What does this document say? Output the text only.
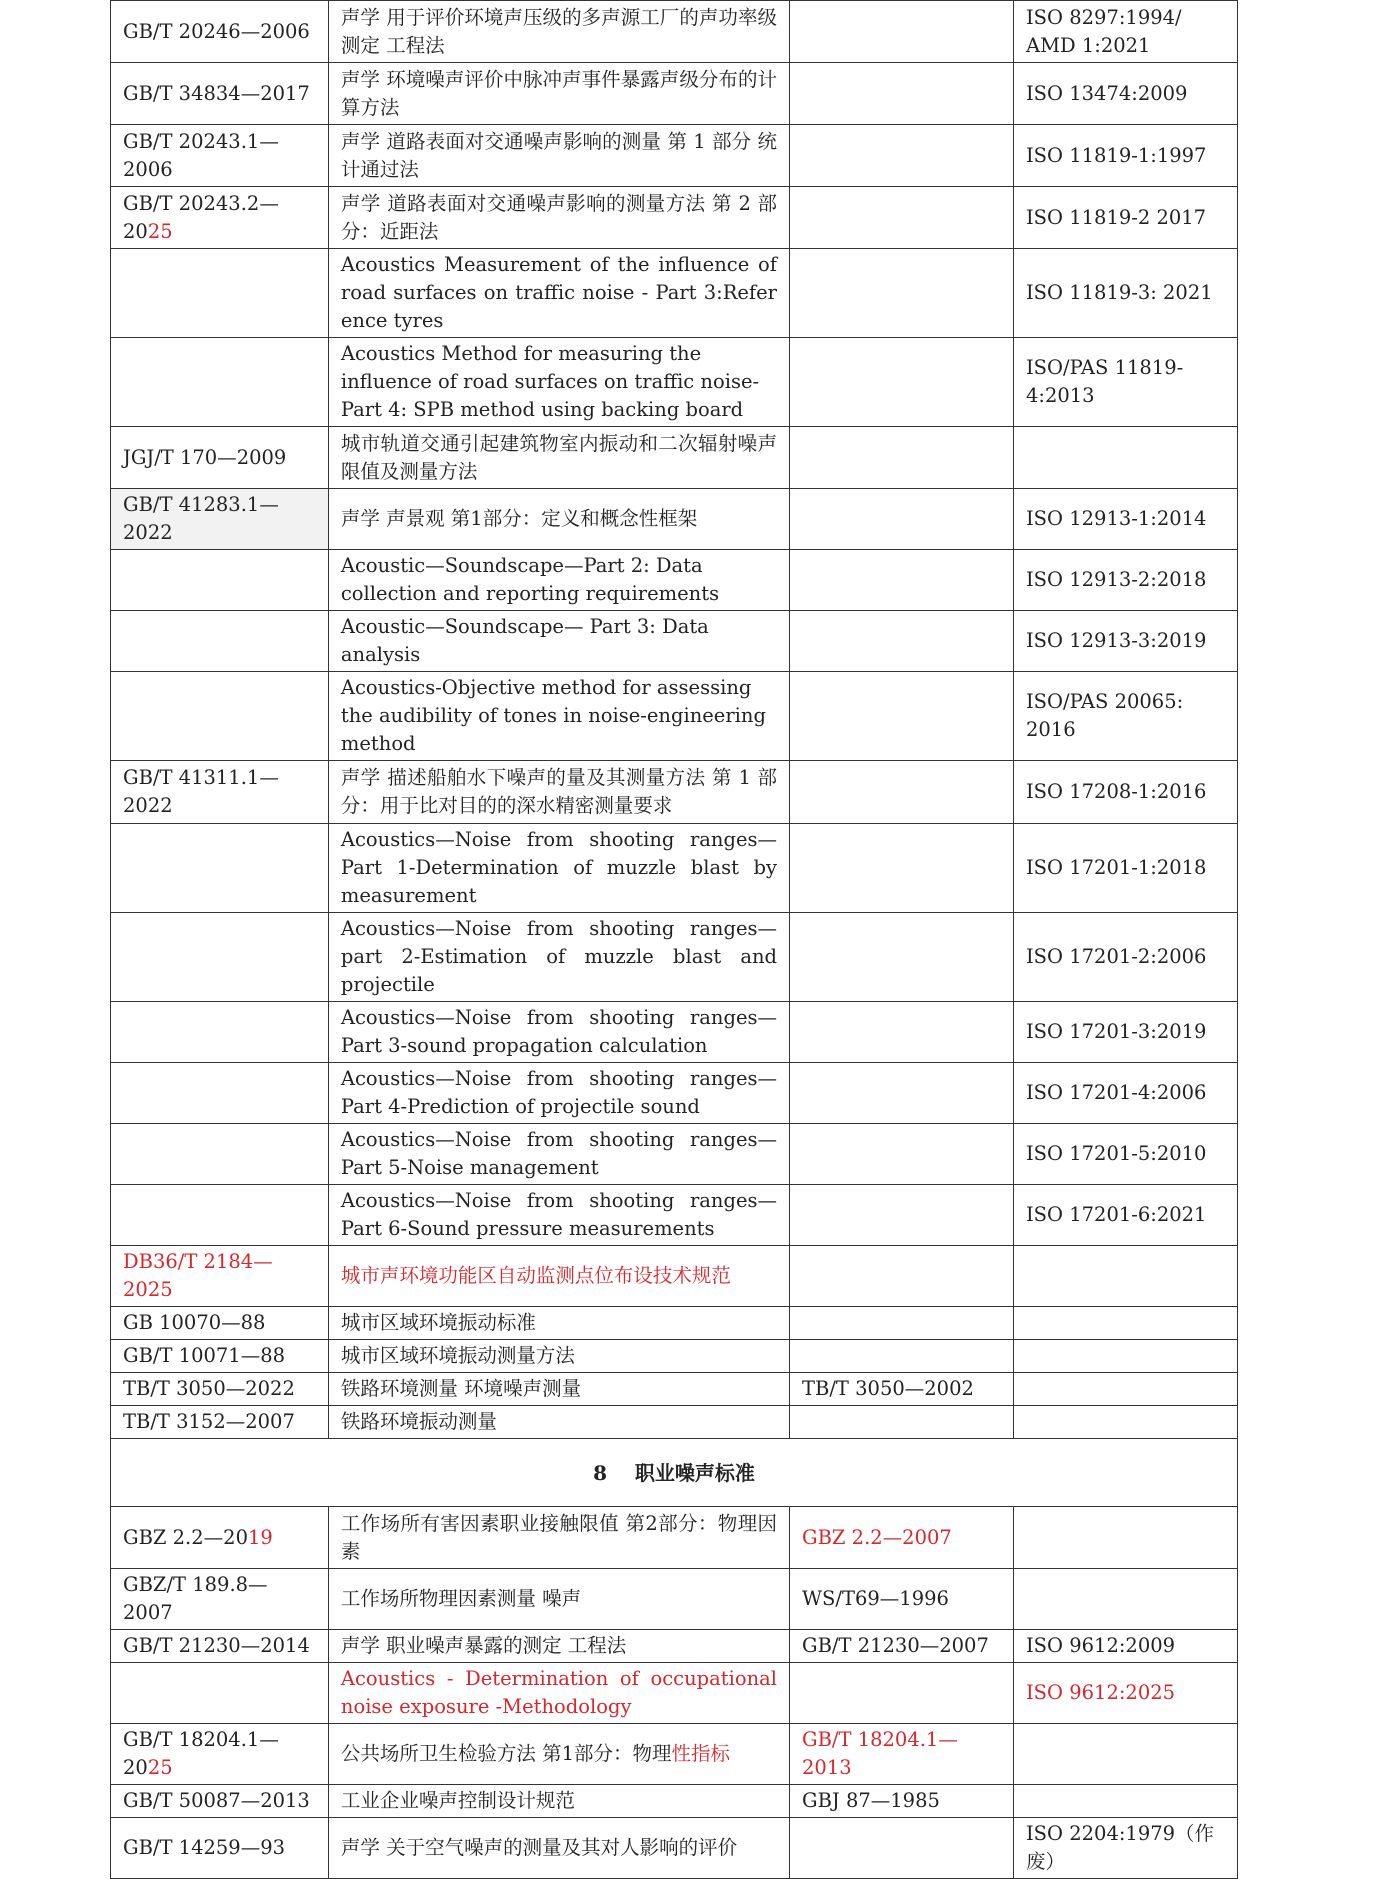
GB/T 20246—2006	声学 用于评价环境声压级的多声源工厂的声功率级测定 工程法		ISO 8297:1994/ AMD 1:2021
GB/T 34834—2017	声学 环境噪声评价中脉冲声事件暴露声级分布的计算方法		ISO 13474:2009
GB/T 20243.1—2006	声学 道路表面对交通噪声影响的测量 第 1 部分 统计通过法		ISO 11819-1:1997
GB/T 20243.2—2025	声学 道路表面对交通噪声影响的测量方法 第 2 部分：近距法		ISO 11819-2 2017
	Acoustics Measurement of the influence of road surfaces on traffic noise - Part 3:Reference tyres		ISO 11819-3: 2021
	Acoustics Method for measuring the influence of road surfaces on traffic noise- Part 4: SPB method using backing board		ISO/PAS 11819-4:2013
JGJ/T 170—2009	城市轨道交通引起建筑物室内振动和二次辐射噪声限值及测量方法		
GB/T 41283.1—2022	声学 声景观 第1部分：定义和概念性框架		ISO 12913-1:2014
	Acoustic—Soundscape—Part 2: Data collection and reporting requirements		ISO 12913-2:2018
	Acoustic—Soundscape— Part 3: Data analysis		ISO 12913-3:2019
	Acoustics-Objective method for assessing the audibility of tones in noise-engineering method		ISO/PAS 20065: 2016
GB/T 41311.1—2022	声学 描述船舶水下噪声的量及其测量方法 第 1 部分：用于比对目的的深水精密测量要求		ISO 17208-1:2016
	Acoustics—Noise from shooting ranges— Part 1-Determination of muzzle blast by measurement		ISO 17201-1:2018
	Acoustics—Noise from shooting ranges—part 2-Estimation of muzzle blast and projectile		ISO 17201-2:2006
	Acoustics—Noise from shooting ranges—Part 3-sound propagation calculation		ISO 17201-3:2019
	Acoustics—Noise from shooting ranges—Part 4-Prediction of projectile sound		ISO 17201-4:2006
	Acoustics—Noise from shooting ranges—Part 5-Noise management		ISO 17201-5:2010
	Acoustics—Noise from shooting ranges—Part 6-Sound pressure measurements		ISO 17201-6:2021
DB36/T 2184—2025	城市声环境功能区自动监测点位布设技术规范		
GB 10070—88	城市区域环境振动标准		
GB/T 10071—88	城市区域环境振动测量方法		
TB/T 3050—2022	铁路环境测量 环境噪声测量	TB/T 3050—2002	
TB/T 3152—2007	铁路环境振动测量		
8 职业噪声标准			
GBZ 2.2—2019	工作场所有害因素职业接触限值 第2部分：物理因素	GBZ 2.2—2007	
GBZ/T 189.8—2007	工作场所物理因素测量 噪声	WS/T69—1996	
GB/T 21230—2014	声学 职业噪声暴露的测定 工程法	GB/T 21230—2007	ISO 9612:2009
	Acoustics - Determination of occupational noise exposure -Methodology		ISO 9612:2025
GB/T 18204.1—2025	公共场所卫生检验方法 第1部分：物理性指标	GB/T 18204.1—2013	
GB/T 50087—2013	工业企业噪声控制设计规范	GBJ 87—1985	
GB/T 14259—93	声学 关于空气噪声的测量及其对人影响的评价		ISO 2204:1979（作废）
